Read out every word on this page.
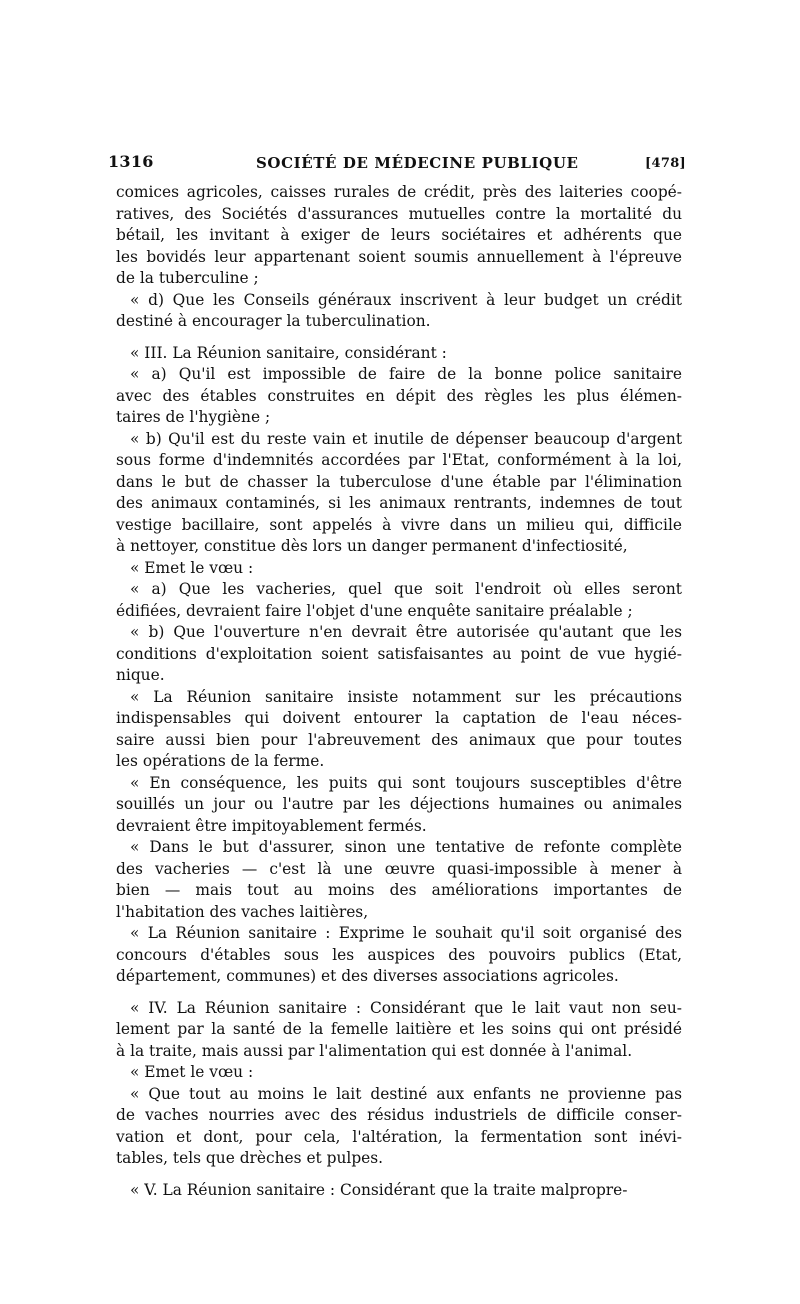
1316	SOCIÉTÉ DE MÉDECINE PUBLIQUE	[478]
comices agricoles, caisses rurales de crédit, près des laiteries coopé-
ratives, des Sociétés d'assurances mutuelles contre la mortalité du
bétail, les invitant à exiger de leurs sociétaires et adhérents que
les bovidés leur appartenant soient soumis annuellement à l'épreuve
de la tuberculine ;
« d) Que les Conseils généraux inscrivent à leur budget un crédit
destiné à encourager la tuberculination.
« III. La Réunion sanitaire, considérant :
« a) Qu'il est impossible de faire de la bonne police sanitaire
avec des étables construites en dépit des règles les plus élémen-
taires de l'hygiène ;
« b) Qu'il est du reste vain et inutile de dépenser beaucoup d'argent
sous forme d'indemnités accordées par l'Etat, conformément à la loi,
dans le but de chasser la tuberculose d'une étable par l'élimination
des animaux contaminés, si les animaux rentrants, indemnes de tout
vestige bacillaire, sont appelés à vivre dans un milieu qui, difficile
à nettoyer, constitue dès lors un danger permanent d'infectiosité,
« Emet le vœu :
« a) Que les vacheries, quel que soit l'endroit où elles seront
édifiées, devraient faire l'objet d'une enquête sanitaire préalable ;
« b) Que l'ouverture n'en devrait être autorisée qu'autant que les
conditions d'exploitation soient satisfaisantes au point de vue hygié-
nique.
« La Réunion sanitaire insiste notamment sur les précautions
indispensables qui doivent entourer la captation de l'eau néces-
saire aussi bien pour l'abreuvement des animaux que pour toutes
les opérations de la ferme.
« En conséquence, les puits qui sont toujours susceptibles d'être
souillés un jour ou l'autre par les déjections humaines ou animales
devraient être impitoyablement fermés.
« Dans le but d'assurer, sinon une tentative de refonte complète
des vacheries — c'est là une œuvre quasi-impossible à mener à
bien — mais tout au moins des améliorations importantes de
l'habitation des vaches laitières,
« La Réunion sanitaire : Exprime le souhait qu'il soit organisé des
concours d'étables sous les auspices des pouvoirs publics (Etat,
département, communes) et des diverses associations agricoles.
« IV. La Réunion sanitaire : Considérant que le lait vaut non seu-
lement par la santé de la femelle laitière et les soins qui ont présidé
à la traite, mais aussi par l'alimentation qui est donnée à l'animal.
« Emet le vœu :
« Que tout au moins le lait destiné aux enfants ne provienne pas
de vaches nourries avec des résidus industriels de difficile conser-
vation et dont, pour cela, l'altération, la fermentation sont inévi-
tables, tels que drèches et pulpes.
« V. La Réunion sanitaire : Considérant que la traite malpropre-
